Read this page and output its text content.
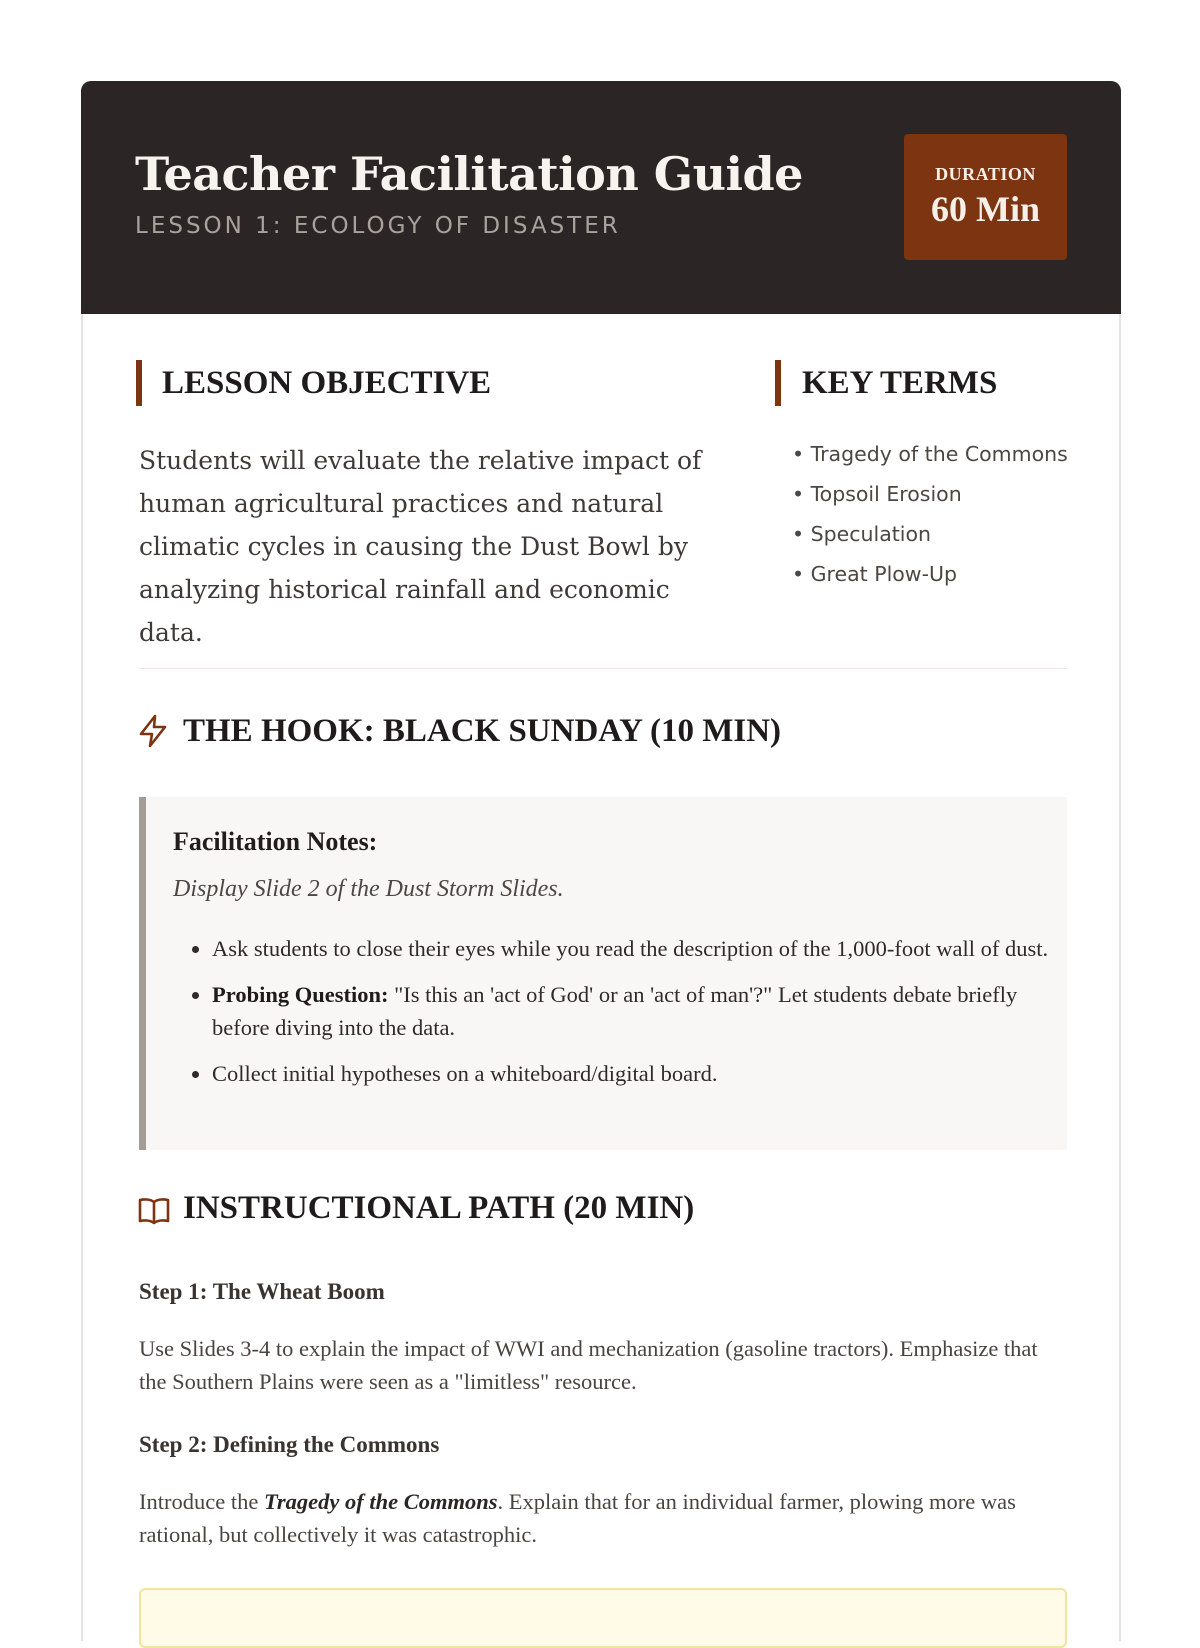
Teacher Facilitation Guide
LESSON 1: ECOLOGY OF DISASTER
DURATION
60 Min
LESSON OBJECTIVE
Students will evaluate the relative impact of human agricultural practices and natural climatic cycles in causing the Dust Bowl by analyzing historical rainfall and economic data.
KEY TERMS
• Tragedy of the Commons
• Topsoil Erosion
• Speculation
• Great Plow-Up
THE HOOK: BLACK SUNDAY (10 MIN)
Facilitation Notes:
Display Slide 2 of the Dust Storm Slides.
• Ask students to close their eyes while you read the description of the 1,000-foot wall of dust.
• Probing Question: "Is this an 'act of God' or an 'act of man'?" Let students debate briefly before diving into the data.
• Collect initial hypotheses on a whiteboard/digital board.
INSTRUCTIONAL PATH (20 MIN)
Step 1: The Wheat Boom
Use Slides 3-4 to explain the impact of WWI and mechanization (gasoline tractors). Emphasize that the Southern Plains were seen as a "limitless" resource.
Step 2: Defining the Commons
Introduce the Tragedy of the Commons. Explain that for an individual farmer, plowing more was rational, but collectively it was catastrophic.
